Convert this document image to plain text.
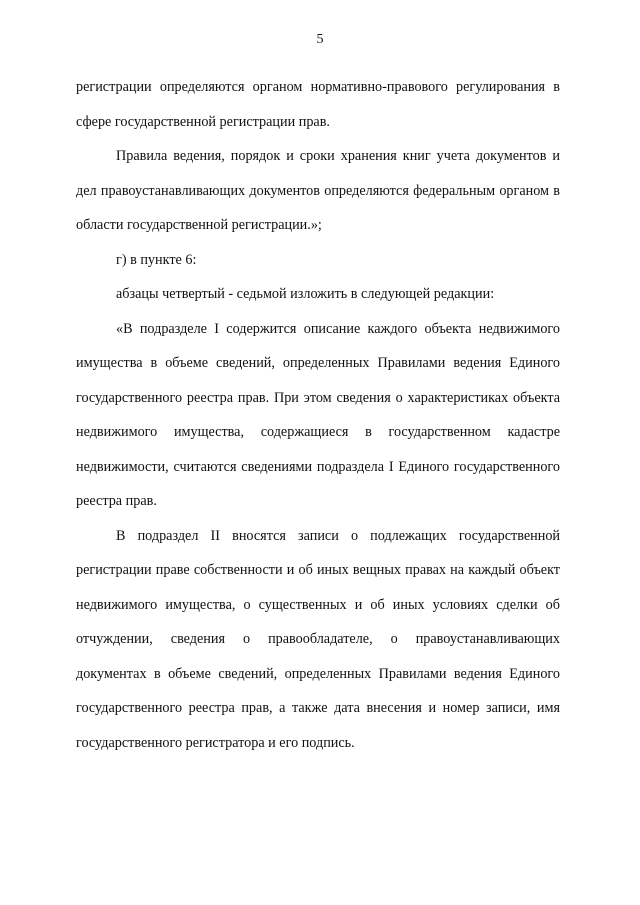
5

регистрации определяются органом нормативно-правового регулирования в сфере государственной регистрации прав.

Правила ведения, порядок и сроки хранения книг учета документов и дел правоустанавливающих документов определяются федеральным органом в области государственной регистрации.»;

г) в пункте 6:

абзацы четвертый - седьмой изложить в следующей редакции:

«В подразделе I содержится описание каждого объекта недвижимого имущества в объеме сведений, определенных Правилами ведения Единого государственного реестра прав. При этом сведения о характеристиках объекта недвижимого имущества, содержащиеся в государственном кадастре недвижимости, считаются сведениями подраздела I Единого государственного реестра прав.

В подраздел II вносятся записи о подлежащих государственной регистрации праве собственности и об иных вещных правах на каждый объект недвижимого имущества, о существенных и об иных условиях сделки об отчуждении, сведения о правообладателе, о правоустанавливающих документах в объеме сведений, определенных Правилами ведения Единого государственного реестра прав, а также дата внесения и номер записи, имя государственного регистратора и его подпись.
